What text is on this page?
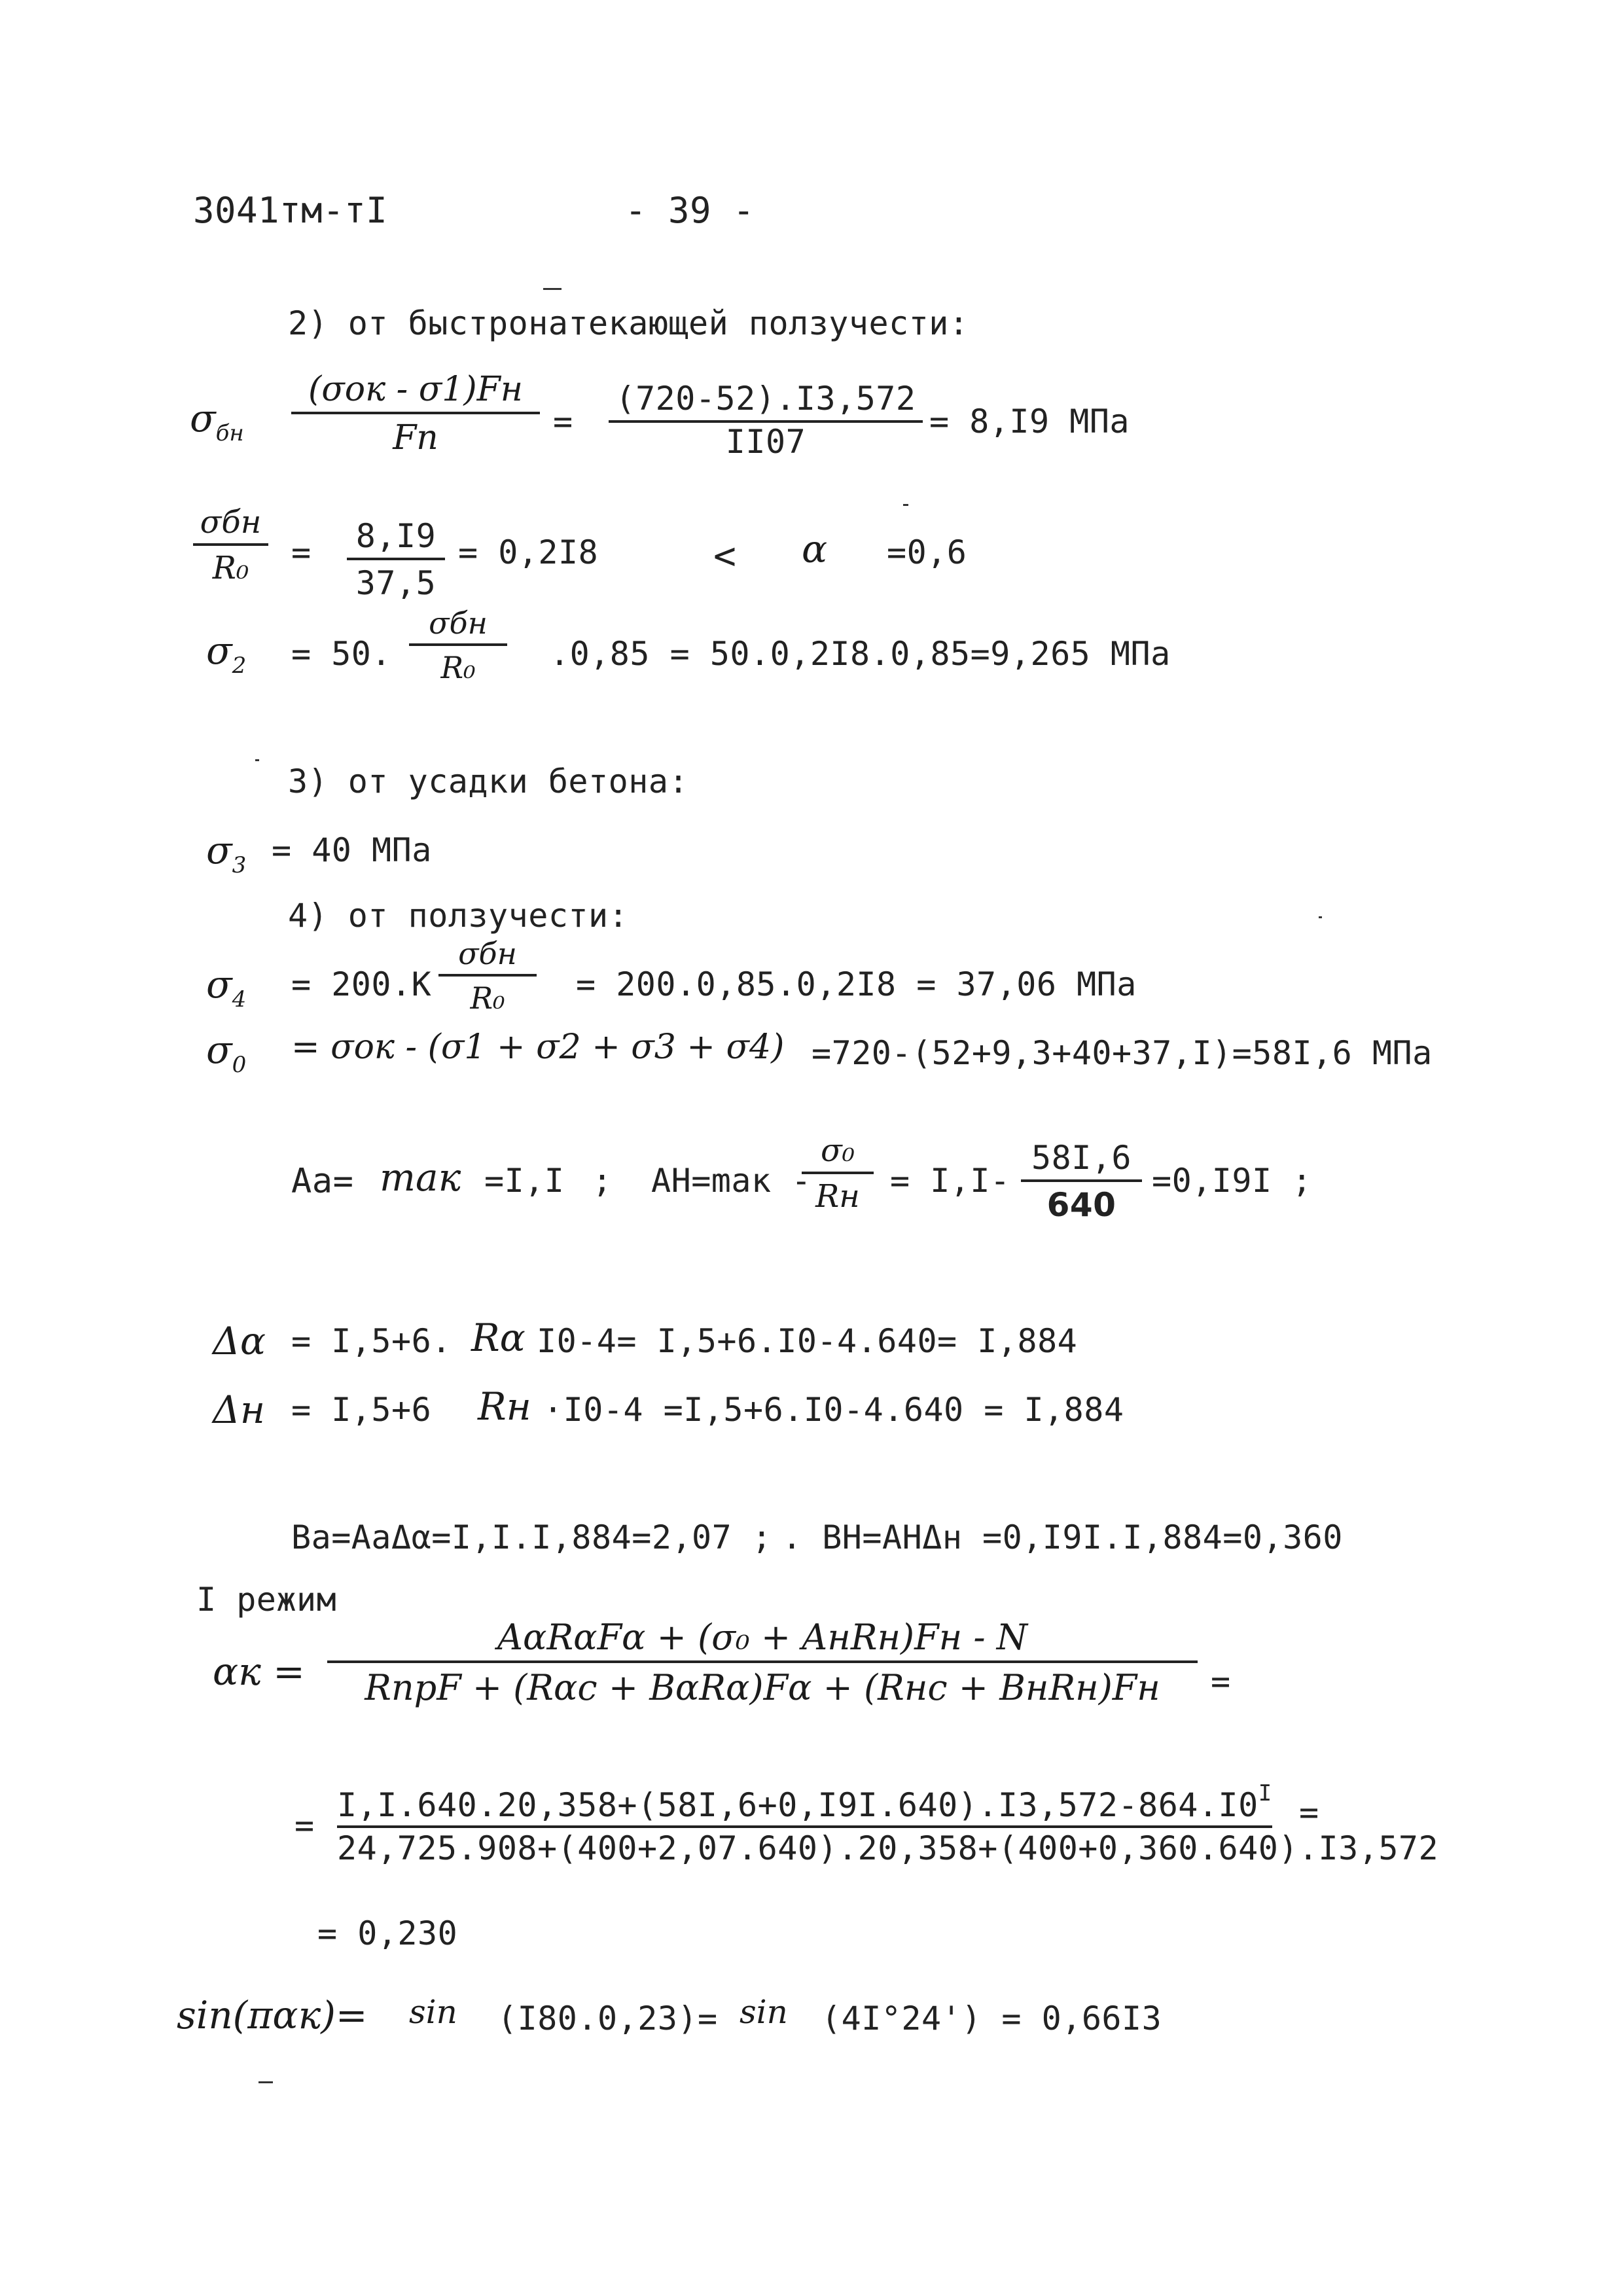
3041тм-тI	- 39 -
2) от быстронатекающей ползучести:
$\sigma_{бн}$
(σок - σ1)Fн
Fп	= $\frac{(720-52).I3,572}{II07} = 8,I9$ МПа
σбн
R₀	= $\frac{8,I9}{37,5} = 0,2I8$	< α =0,6
$\sigma_2 = 50$.
σбн
R₀	.0,85 = 50.0,2I8.0,85=9,265 МПа
3) от усадки бетона:
$\sigma_3 = 40$ МПа
4) от ползучести:
$\sigma_4 = 200.К$
σбн
R₀	= 200.0,85.0,2I8 = 37,06 МПа
$\sigma_0 = \sigma ок - (\sigma 1 + \sigma 2 + \sigma 3 + \sigma 4) =720-(52+9,3+40+37,I)=58I,6$ МПа
Aa= mак =I,I ; AH=mак -
σ₀
Rн = $I,I- \frac{58I,6}{640} =0,I9I$ ;
Δα = I,5+6. Rα I0-4= I,5+6.I0-4.640= I,884
Δн = I,5+6 Rн ·I0-4 =I,5+6.I0-4.640 = I,884
Ba=AaΔα=I,I.I,884=2,07 ; . BH=AHΔн =0,I9I.I,884=0,360
I режим
αк =
AαRαFα + (σ₀ + AнRн)Fн - N
RпрF + (Rαс + BαRα)Fα + (Rнс + BнRн)Fн	=
=
$I,I.640.20,358+(58I,6+0,I9I.640).I3,572-864.I0^I$ =
24,725.908+(400+2,07.640).20,358+(400+0,360.640).I3,572
= 0,230
sin(παк)= sin (I80.0,23)= sin (4I°24') = 0,66I3
